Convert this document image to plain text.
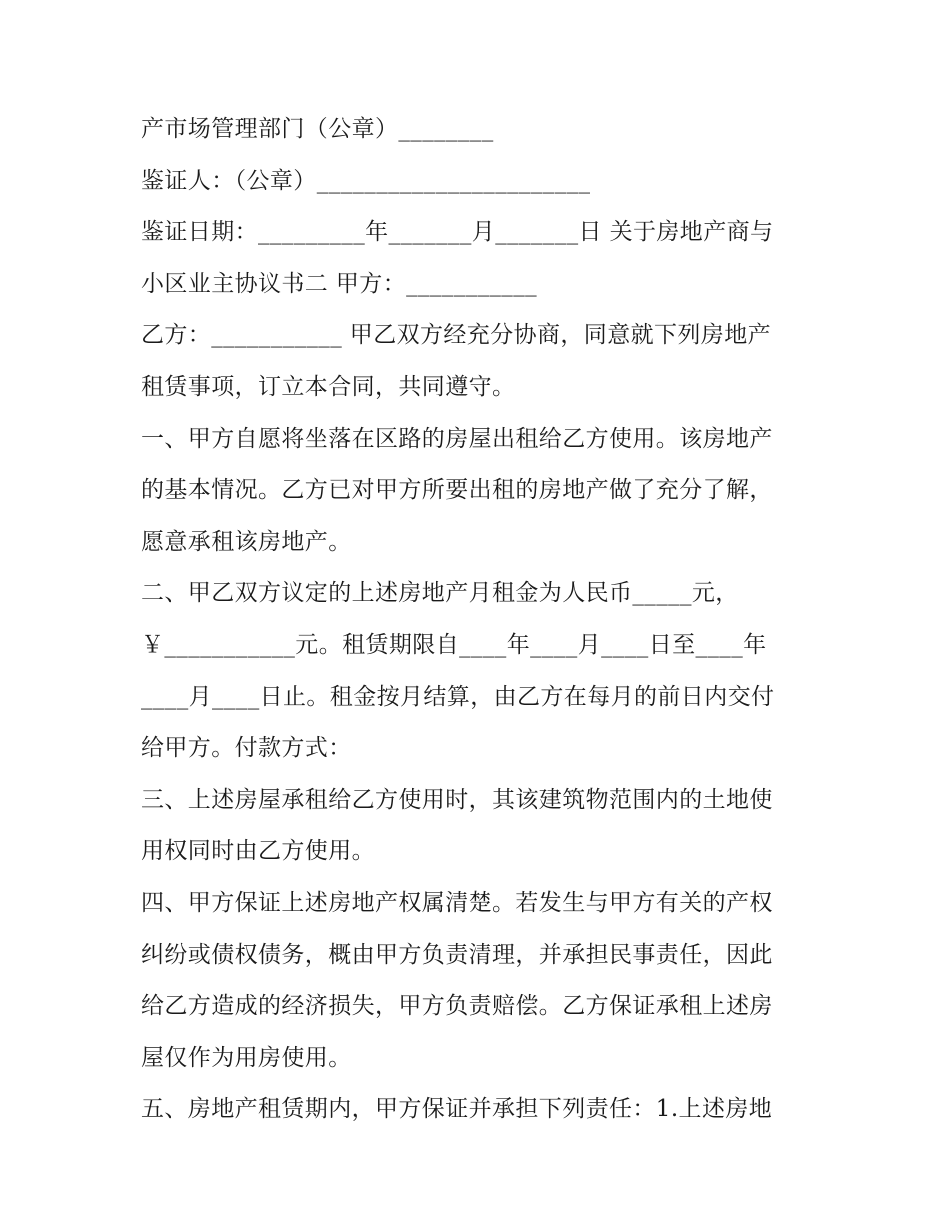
产市场管理部门（公章）________
鉴证人：（公章）_______________________
鉴证日期：_________年_______月_______日 关于房地产商与
小区业主协议书二 甲方：___________
乙方：___________ 甲乙双方经充分协商，同意就下列房地产
租赁事项，订立本合同，共同遵守。
一、甲方自愿将坐落在区路的房屋出租给乙方使用。该房地产
的基本情况。乙方已对甲方所要出租的房地产做了充分了解，
愿意承租该房地产。
二、甲乙双方议定的上述房地产月租金为人民币_____元，
￥___________元。租赁期限自____年____月____日至____年
____月____日止。租金按月结算，由乙方在每月的前日内交付
给甲方。付款方式：
三、上述房屋承租给乙方使用时，其该建筑物范围内的土地使
用权同时由乙方使用。
四、甲方保证上述房地产权属清楚。若发生与甲方有关的产权
纠纷或债权债务，概由甲方负责清理，并承担民事责任，因此
给乙方造成的经济损失，甲方负责赔偿。乙方保证承租上述房
屋仅作为用房使用。
五、房地产租赁期内，甲方保证并承担下列责任：1.上述房地
